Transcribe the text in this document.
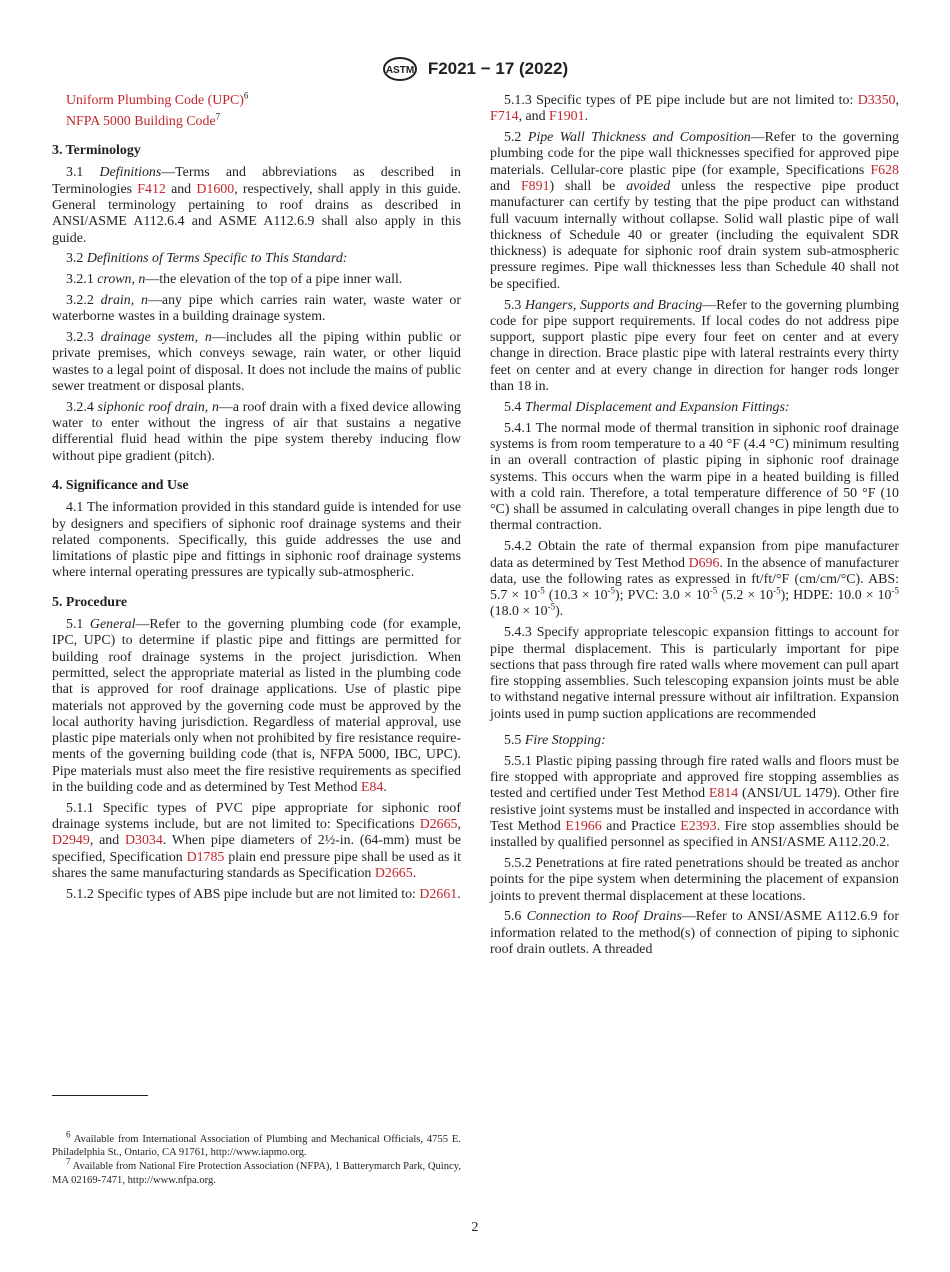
ASTM F2021 − 17 (2022)
Uniform Plumbing Code (UPC)$^6$
NFPA 5000 Building Code$^7$
3. Terminology
3.1 Definitions—Terms and abbreviations as described in Terminologies F412 and D1600, respectively, shall apply in this guide. General terminology pertaining to roof drains as described in ANSI/ASME A112.6.4 and ASME A112.6.9 shall also apply in this guide.
3.2 Definitions of Terms Specific to This Standard:
3.2.1 crown, n—the elevation of the top of a pipe inner wall.
3.2.2 drain, n—any pipe which carries rain water, waste water or waterborne wastes in a building drainage system.
3.2.3 drainage system, n—includes all the piping within public or private premises, which conveys sewage, rain water, or other liquid wastes to a legal point of disposal. It does not include the mains of public sewer treatment or disposal plants.
3.2.4 siphonic roof drain, n—a roof drain with a fixed device allowing water to enter without the ingress of air that sustains a negative differential fluid head within the pipe system thereby inducing flow without pipe gradient (pitch).
4. Significance and Use
4.1 The information provided in this standard guide is intended for use by designers and specifiers of siphonic roof drainage systems and their related components. Specifically, this guide addresses the use and limitations of plastic pipe and fittings in siphonic roof drainage systems where internal operating pressures are typically sub-atmospheric.
5. Procedure
5.1 General—Refer to the governing plumbing code (for example, IPC, UPC) to determine if plastic pipe and fittings are permitted for building roof drainage systems in the project jurisdiction. When permitted, select the appropriate material as listed in the plumbing code that is approved for roof drainage applications. Use of plastic pipe materials not approved by the governing code must be approved by the local authority having jurisdiction. Regardless of material approval, use plastic pipe materials only when not prohibited by fire resistance requirements of the governing building code (that is, NFPA 5000, IBC, UPC). Pipe materials must also meet the fire resistive requirements as specified in the building code and as determined by Test Method E84.
5.1.1 Specific types of PVC pipe appropriate for siphonic roof drainage systems include, but are not limited to: Specifications D2665, D2949, and D3034. When pipe diameters of 2½-in. (64-mm) must be specified, Specification D1785 plain end pressure pipe shall be used as it shares the same manufacturing standards as Specification D2665.
5.1.2 Specific types of ABS pipe include but are not limited to: D2661.
5.1.3 Specific types of PE pipe include but are not limited to: D3350, F714, and F1901.
5.2 Pipe Wall Thickness and Composition—Refer to the governing plumbing code for the pipe wall thicknesses specified for approved pipe materials. Cellular-core plastic pipe (for example, Specifications F628 and F891) shall be avoided unless the respective pipe product manufacturer can certify by testing that the pipe product can withstand full vacuum internally without collapse. Solid wall plastic pipe of wall thickness of Schedule 40 or greater (including the equivalent SDR thickness) is adequate for siphonic roof drain system sub-atmospheric pressure regimes. Pipe wall thicknesses less than Schedule 40 shall not be specified.
5.3 Hangers, Supports and Bracing—Refer to the governing plumbing code for pipe support requirements. If local codes do not address pipe support, support plastic pipe every four feet on center and at every change in direction. Brace plastic pipe with lateral restraints every thirty feet on center and at every change in direction for hanger rods longer than 18 in.
5.4 Thermal Displacement and Expansion Fittings:
5.4.1 The normal mode of thermal transition in siphonic roof drainage systems is from room temperature to a 40 °F (4.4 °C) minimum resulting in an overall contraction of plastic piping in siphonic roof drainage systems. This occurs when the warm pipe in a heated building is filled with a cold rain. Therefore, a total temperature difference of 50 °F (10 °C) shall be assumed in calculating overall changes in pipe length due to thermal contraction.
5.4.2 Obtain the rate of thermal expansion from pipe manufacturer data as determined by Test Method D696. In the absence of manufacturer data, use the following rates as expressed in ft/ft/°F (cm/cm/°C). ABS: $5.7 \times 10^{-5}$ $(10.3 \times 10^{-5})$; PVC: $3.0 \times 10^{-5}$ $(5.2 \times 10^{-5})$; HDPE: $10.0 \times 10^{-5}$ $(18.0 \times 10^{-5})$.
5.4.3 Specify appropriate telescopic expansion fittings to account for pipe thermal displacement. This is particularly important for pipe sections that pass through fire rated walls where movement can pull apart fire stopping assemblies. Such telescoping expansion joints must be able to withstand negative internal pressure without air infiltration. Expansion joints used in pump suction applications are recommended
5.5 Fire Stopping:
5.5.1 Plastic piping passing through fire rated walls and floors must be fire stopped with appropriate and approved fire stopping assemblies as tested and certified under Test Method E814 (ANSI/UL 1479). Other fire resistive joint systems must be installed and inspected in accordance with Test Method E1966 and Practice E2393. Fire stop assemblies should be installed by qualified personnel as specified in ANSI/ASME A112.20.2.
5.5.2 Penetrations at fire rated penetrations should be treated as anchor points for the pipe system when determining the placement of expansion joints to prevent thermal displacement at these locations.
5.6 Connection to Roof Drains—Refer to ANSI/ASME A112.6.9 for information related to the method(s) of connection of piping to siphonic roof drain outlets. A threaded
$^6$ Available from International Association of Plumbing and Mechanical Officials, 4755 E. Philadelphia St., Ontario, CA 91761, http://www.iapmo.org.
$^7$ Available from National Fire Protection Association (NFPA), 1 Batterymarch Park, Quincy, MA 02169-7471, http://www.nfpa.org.
2
